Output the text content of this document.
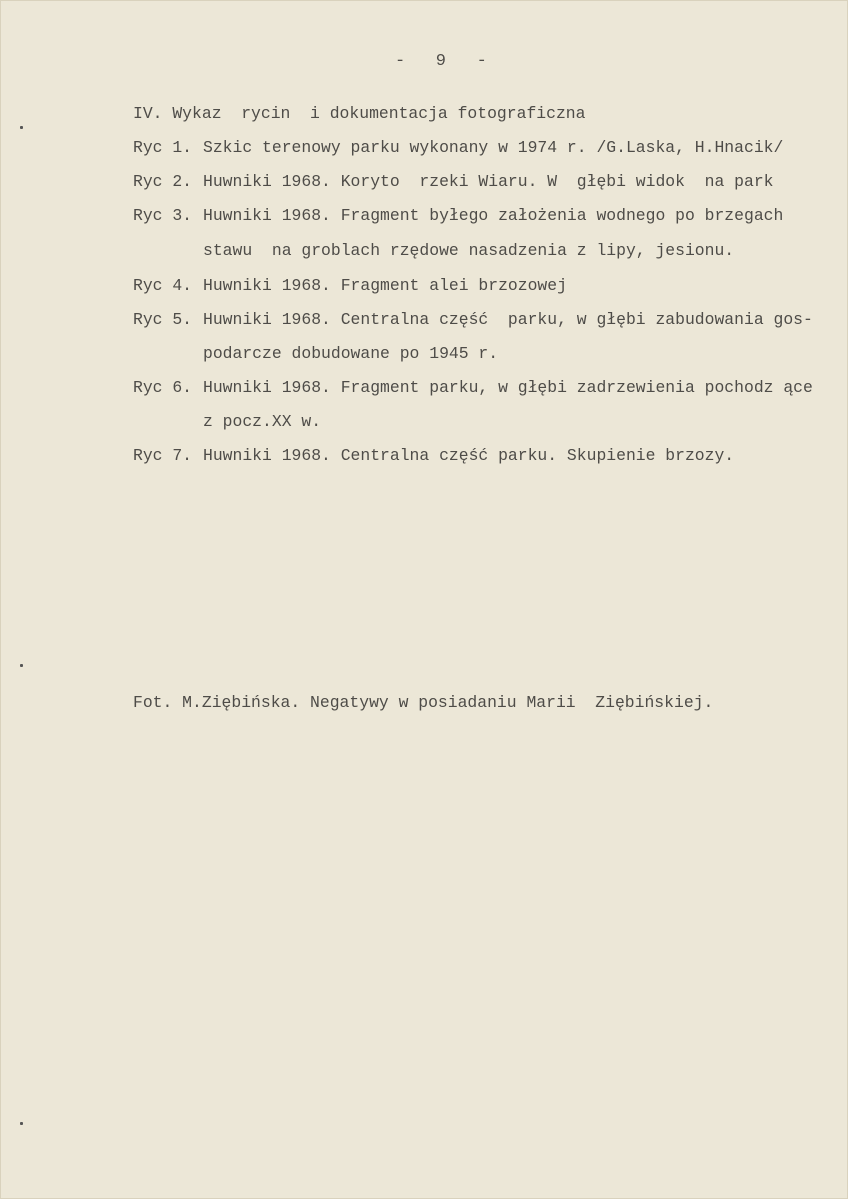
-   9   -
IV. Wykaz  rycin  i dokumentacja fotograficzna
Ryc 1. Szkic terenowy parku wykonany w 1974 r. /G.Laska, H.Hnacik/
Ryc 2. Huwniki 1968. Koryto  rzeki Wiaru. W  głębi widok  na park
Ryc 3. Huwniki 1968. Fragment byłego założenia wodnego po brzegach
stawu  na groblach rzędowe nasadzenia z lipy, jesionu.
Ryc 4. Huwniki 1968. Fragment alei brzozowej
Ryc 5. Huwniki 1968. Centralna część  parku, w głębi zabudowania gos-
podarcze dobudowane po 1945 r.
Ryc 6. Huwniki 1968. Fragment parku, w głębi zadrzewienia pochodz ące
z pocz.XX w.
Ryc 7. Huwniki 1968. Centralna część parku. Skupienie brzozy.
Fot. M.Ziębińska. Negatywy w posiadaniu Marii  Ziębińskiej.
